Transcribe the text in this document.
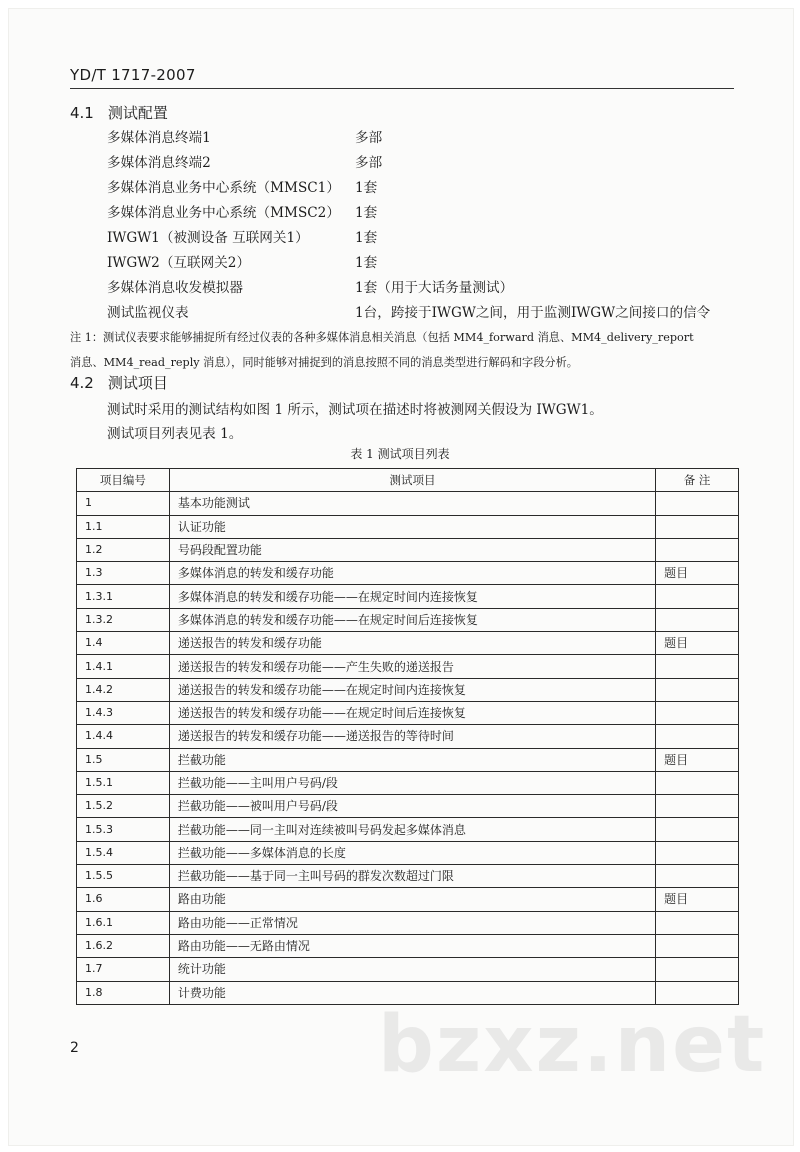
YD/T 1717-2007
4.1 测试配置
多媒体消息终端1	多部
多媒体消息终端2	多部
多媒体消息业务中心系统（MMSC1） 1套
多媒体消息业务中心系统（MMSC2） 1套
IWGW1（被测设备 互联网关1）	1套
IWGW2（互联网关2）	1套
多媒体消息收发模拟器	1套（用于大话务量测试）
测试监视仪表	1台，跨接于IWGW之间，用于监测IWGW之间接口的信令
注 1：测试仪表要求能够捕捉所有经过仪表的各种多媒体消息相关消息（包括 MM4_forward 消息、MM4_delivery_report
消息、MM4_read_reply 消息），同时能够对捕捉到的消息按照不同的消息类型进行解码和字段分析。
4.2 测试项目
测试时采用的测试结构如图 1 所示，测试项在描述时将被测网关假设为 IWGW1。
测试项目列表见表 1。
表 1 测试项目列表
项目编号	测试项目	备 注
1	基本功能测试	
1.1	认证功能	
1.2	号码段配置功能	
1.3	多媒体消息的转发和缓存功能	题目
1.3.1	多媒体消息的转发和缓存功能——在规定时间内连接恢复	
1.3.2	多媒体消息的转发和缓存功能——在规定时间后连接恢复	
1.4	递送报告的转发和缓存功能	题目
1.4.1	递送报告的转发和缓存功能——产生失败的递送报告	
1.4.2	递送报告的转发和缓存功能——在规定时间内连接恢复	
1.4.3	递送报告的转发和缓存功能——在规定时间后连接恢复	
1.4.4	递送报告的转发和缓存功能——递送报告的等待时间	
1.5	拦截功能	题目
1.5.1	拦截功能——主叫用户号码/段	
1.5.2	拦截功能——被叫用户号码/段	
1.5.3	拦截功能——同一主叫对连续被叫号码发起多媒体消息	
1.5.4	拦截功能——多媒体消息的长度	
1.5.5	拦截功能——基于同一主叫号码的群发次数超过门限	
1.6	路由功能	题目
1.6.1	路由功能——正常情况	
1.6.2	路由功能——无路由情况	
1.7	统计功能	
1.8	计费功能	
2	bzxz.net
